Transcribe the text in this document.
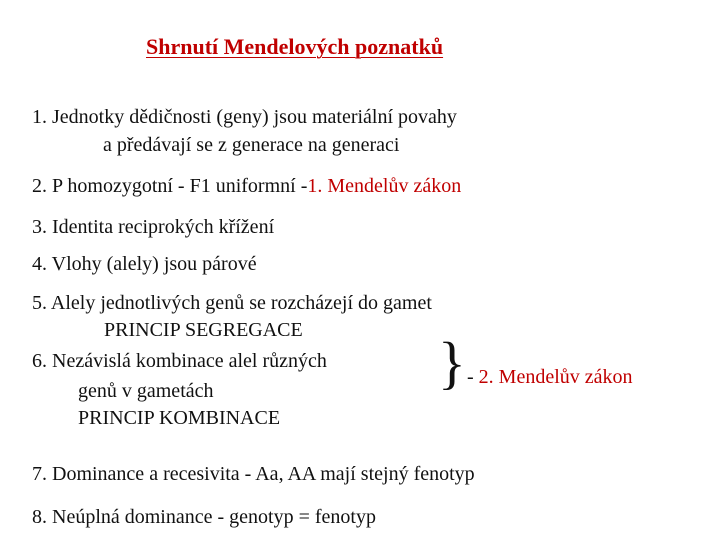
Shrnutí Mendelových poznatků
1. Jednotky dědičnosti (geny) jsou materiální povahy
a předávají se z generace na generaci
2. P homozygotní - F1 uniformní -1. Mendelův zákon
3. Identita reciprokých křížení
4. Vlohy (alely) jsou párové
5. Alely jednotlivých genů se rozcházejí do gamet
PRINCIP SEGREGACE
6. Nezávislá kombinace alel různých
genů v gametách
PRINCIP KOMBINACE
} - 2. Mendelův zákon
7. Dominance a recesivita - Aa, AA mají stejný fenotyp
8. Neúplná dominance - genotyp = fenotyp
